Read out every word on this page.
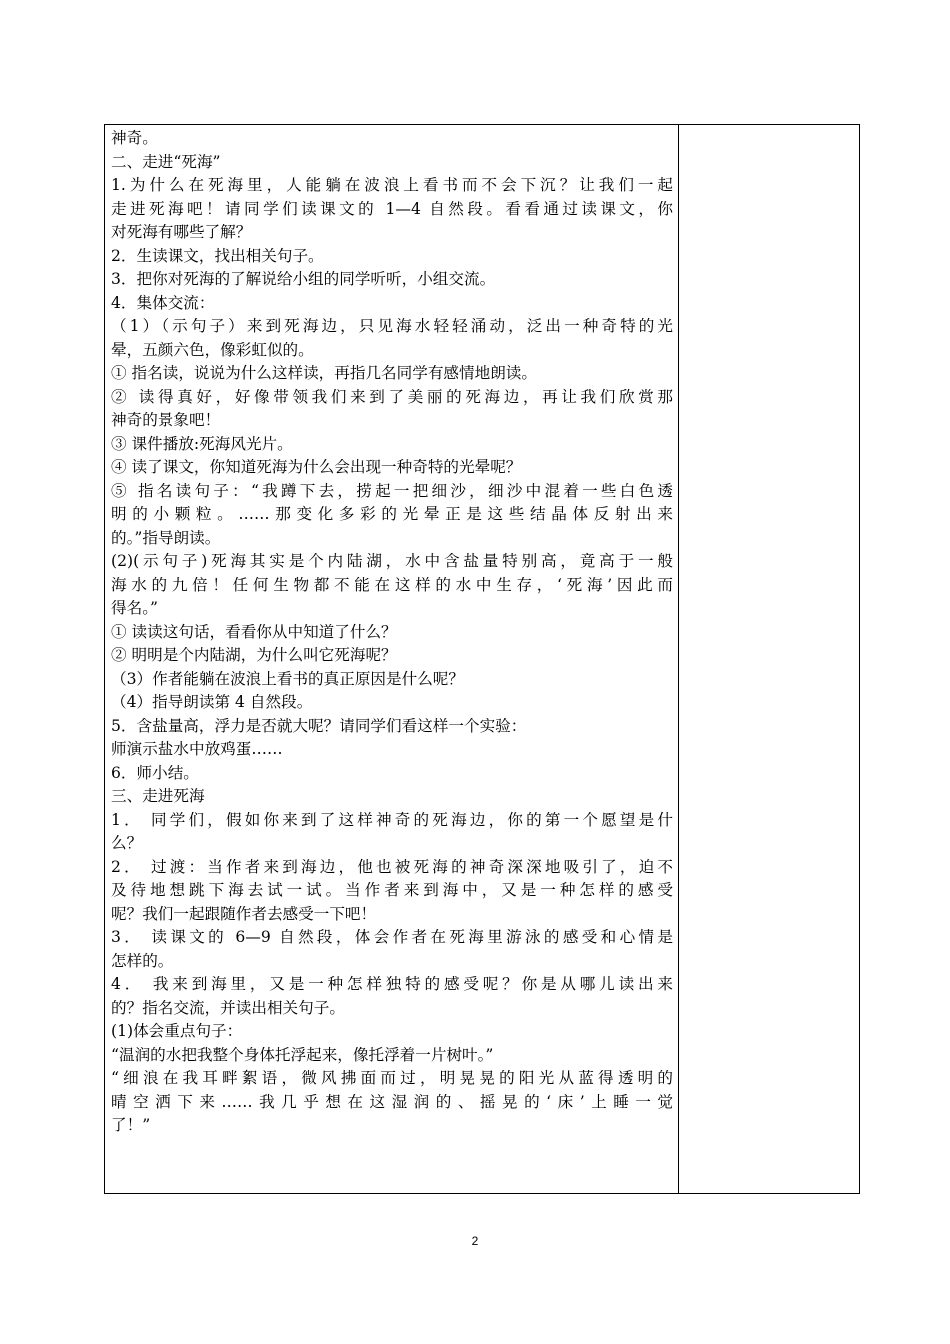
神奇。

二、走进“死海”

1.为什么在死海里，人能躺在波浪上看书而不会下沉？让我们一起

走进死海吧！请同学们读课文的 1—4 自然段。看看通过读课文，你

对死海有哪些了解？

2．生读课文，找出相关句子。

3．把你对死海的了解说给小组的同学听听，小组交流。

4．集体交流：

（1）（示句子）来到死海边，只见海水轻轻涌动，泛出一种奇特的光

晕，五颜六色，像彩虹似的。

① 指名读，说说为什么这样读，再指几名同学有感情地朗读。

② 读得真好，好像带领我们来到了美丽的死海边，再让我们欣赏那

神奇的景象吧！

③ 课件播放:死海风光片。

④ 读了课文，你知道死海为什么会出现一种奇特的光晕呢？

⑤ 指名读句子：“我蹲下去，捞起一把细沙，细沙中混着一些白色透

明的小颗粒。……那变化多彩的光晕正是这些结晶体反射出来

的。”指导朗读。

(2)(示句子)死海其实是个内陆湖，水中含盐量特别高，竟高于一般

海水的九倍！任何生物都不能在这样的水中生存，‘死海’因此而

得名。”

① 读读这句话，看看你从中知道了什么？

② 明明是个内陆湖，为什么叫它死海呢？

（3）作者能躺在波浪上看书的真正原因是什么呢？

（4）指导朗读第 4 自然段。

5．含盐量高，浮力是否就大呢？请同学们看这样一个实验：

师演示盐水中放鸡蛋……

6．师小结。

三、走进死海

1． 同学们，假如你来到了这样神奇的死海边，你的第一个愿望是什

么？

2． 过渡：当作者来到海边，他也被死海的神奇深深地吸引了，迫不

及待地想跳下海去试一试。当作者来到海中，又是一种怎样的感受

呢？我们一起跟随作者去感受一下吧！

3． 读课文的 6—9 自然段，体会作者在死海里游泳的感受和心情是

怎样的。

4． 我来到海里，又是一种怎样独特的感受呢？你是从哪儿读出来

的？指名交流，并读出相关句子。

(1)体会重点句子：

“温润的水把我整个身体托浮起来，像托浮着一片树叶。”

“细浪在我耳畔絮语，微风拂面而过，明晃晃的阳光从蓝得透明的

晴空洒下来……我几乎想在这湿润的、摇晃的‘床’上睡一觉

了！”

2
